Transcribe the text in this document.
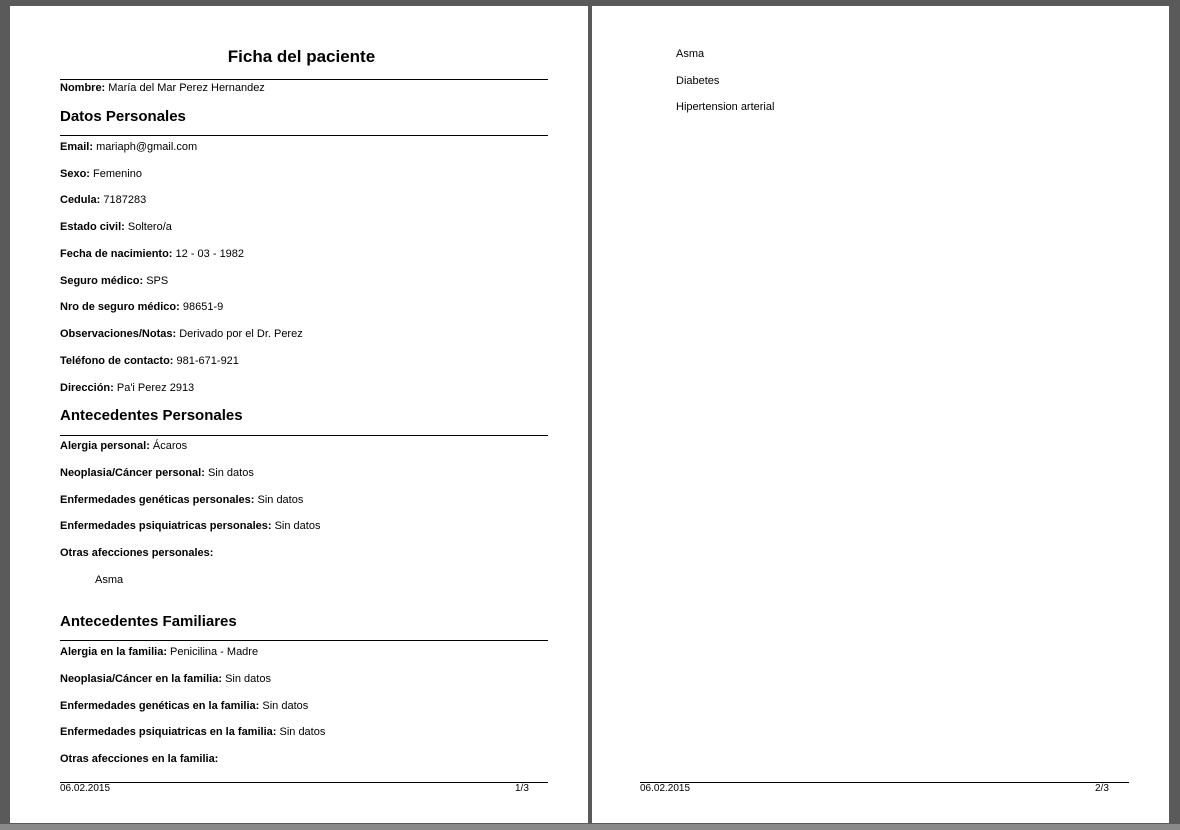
Ficha del paciente
Nombre: María del Mar Perez Hernandez
Datos Personales
Email: mariaph@gmail.com
Sexo: Femenino
Cedula: 7187283
Estado civil: Soltero/a
Fecha de nacimiento: 12 - 03 - 1982
Seguro médico: SPS
Nro de seguro médico: 98651-9
Observaciones/Notas: Derivado por el Dr. Perez
Teléfono de contacto: 981-671-921
Dirección: Pa'i Perez 2913
Antecedentes Personales
Alergia personal: Ácaros
Neoplasia/Cáncer personal: Sin datos
Enfermedades genéticas personales: Sin datos
Enfermedades psiquiatricas personales: Sin datos
Otras afecciones personales:
Asma
Antecedentes Familiares
Alergia en la familia: Penicilina - Madre
Neoplasia/Cáncer en la familia: Sin datos
Enfermedades genéticas en la familia: Sin datos
Enfermedades psiquiatricas en la familia: Sin datos
Otras afecciones en la familia:
06.02.2015	1/3
Asma
Diabetes
Hipertension arterial
06.02.2015	2/3
